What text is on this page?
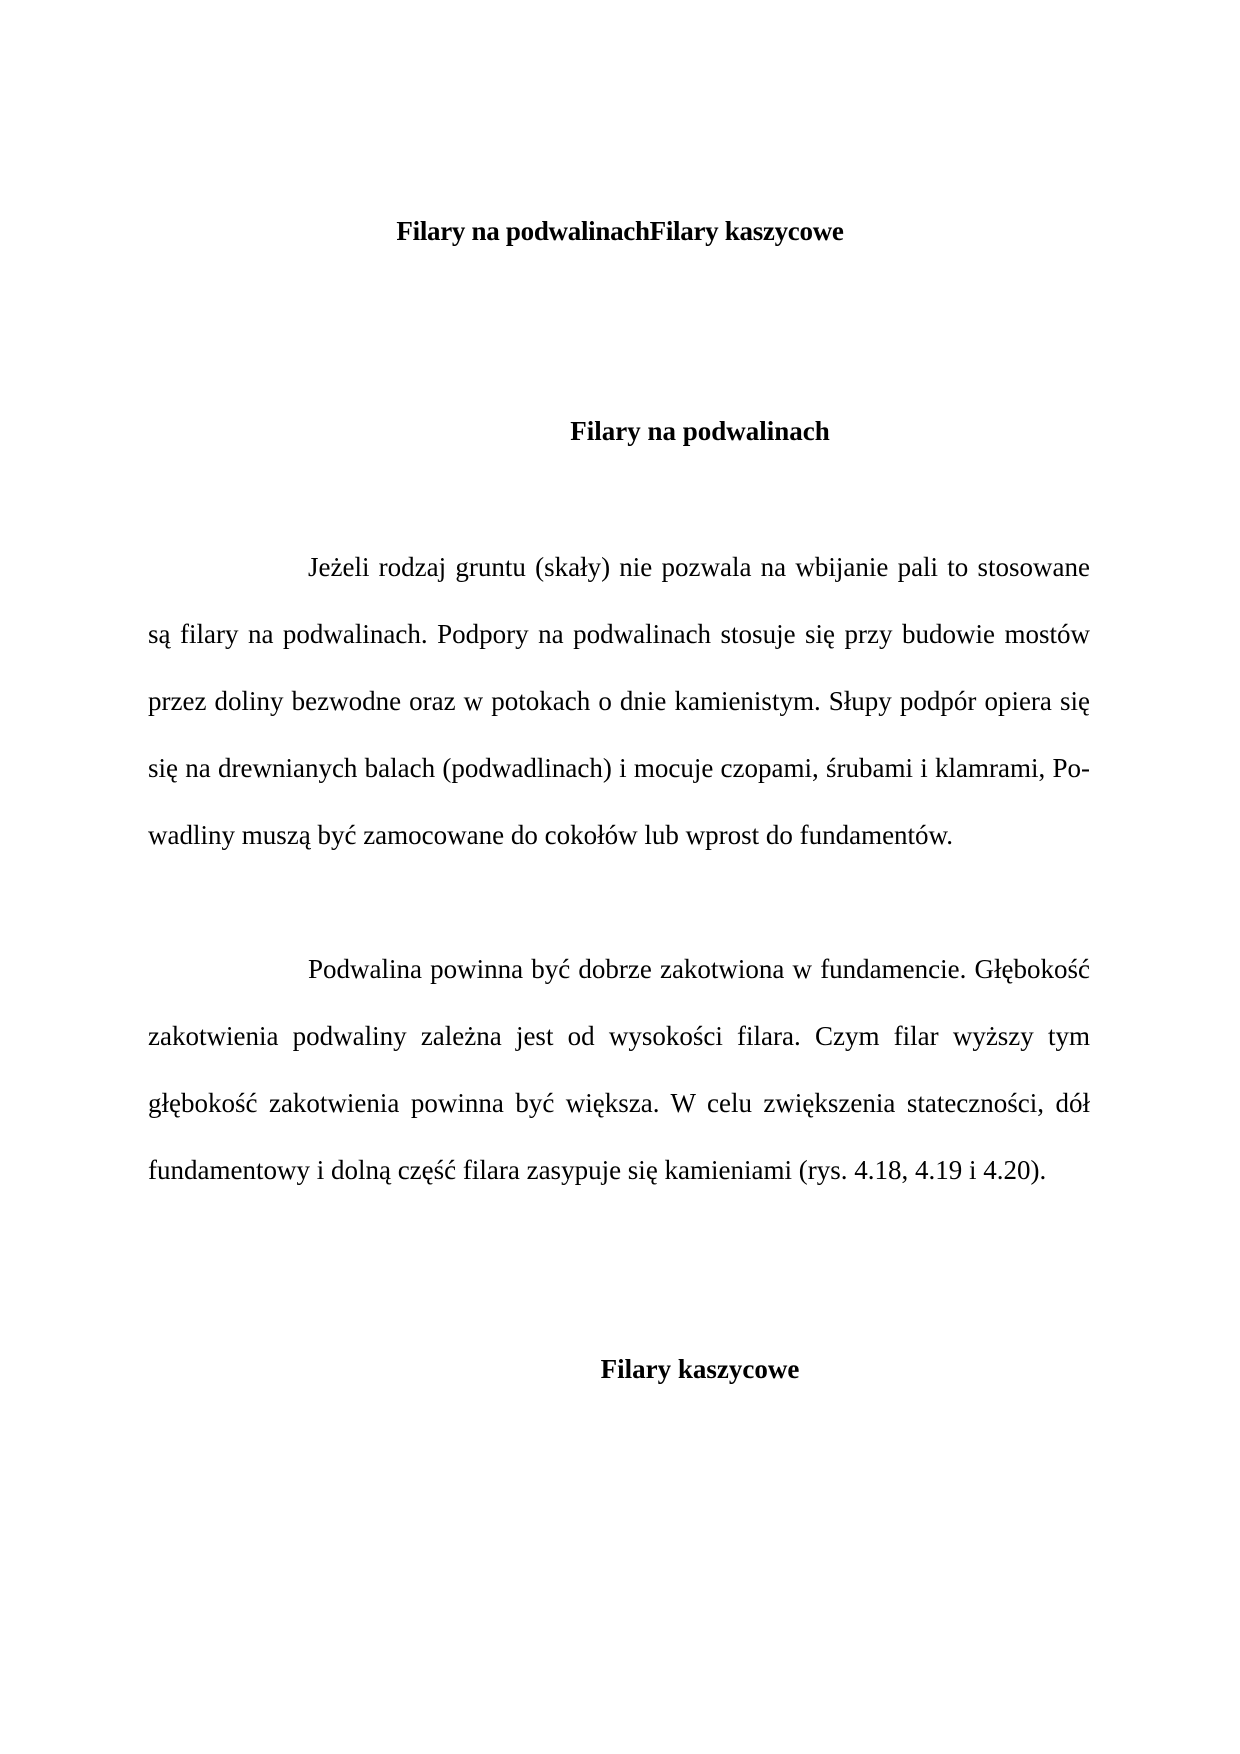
Filary na podwalinachFilary kaszycowe
Filary na podwalinach
Jeżeli rodzaj gruntu (skały) nie pozwala na wbijanie pali to stosowane są filary na podwalinach. Podpory na podwalinach stosuje się przy budowie mostów przez doliny bezwodne oraz w potokach o dnie kamienistym. Słupy podpór opiera się się na drewnianych balach (podwadlinach) i mocuje czopami, śrubami i klamrami, Po-wadliny muszą być zamocowane do cokołów lub wprost do fundamentów.
Podwalina powinna być dobrze zakotwiona w fundamencie. Głębokość zakotwienia podwaliny zależna jest od wysokości filara. Czym filar wyższy tym głębokość zakotwienia powinna być większa. W celu zwiększenia stateczności, dół fundamentowy i dolną część filara zasypuje się kamieniami (rys. 4.18, 4.19 i 4.20).
Filary kaszycowe
